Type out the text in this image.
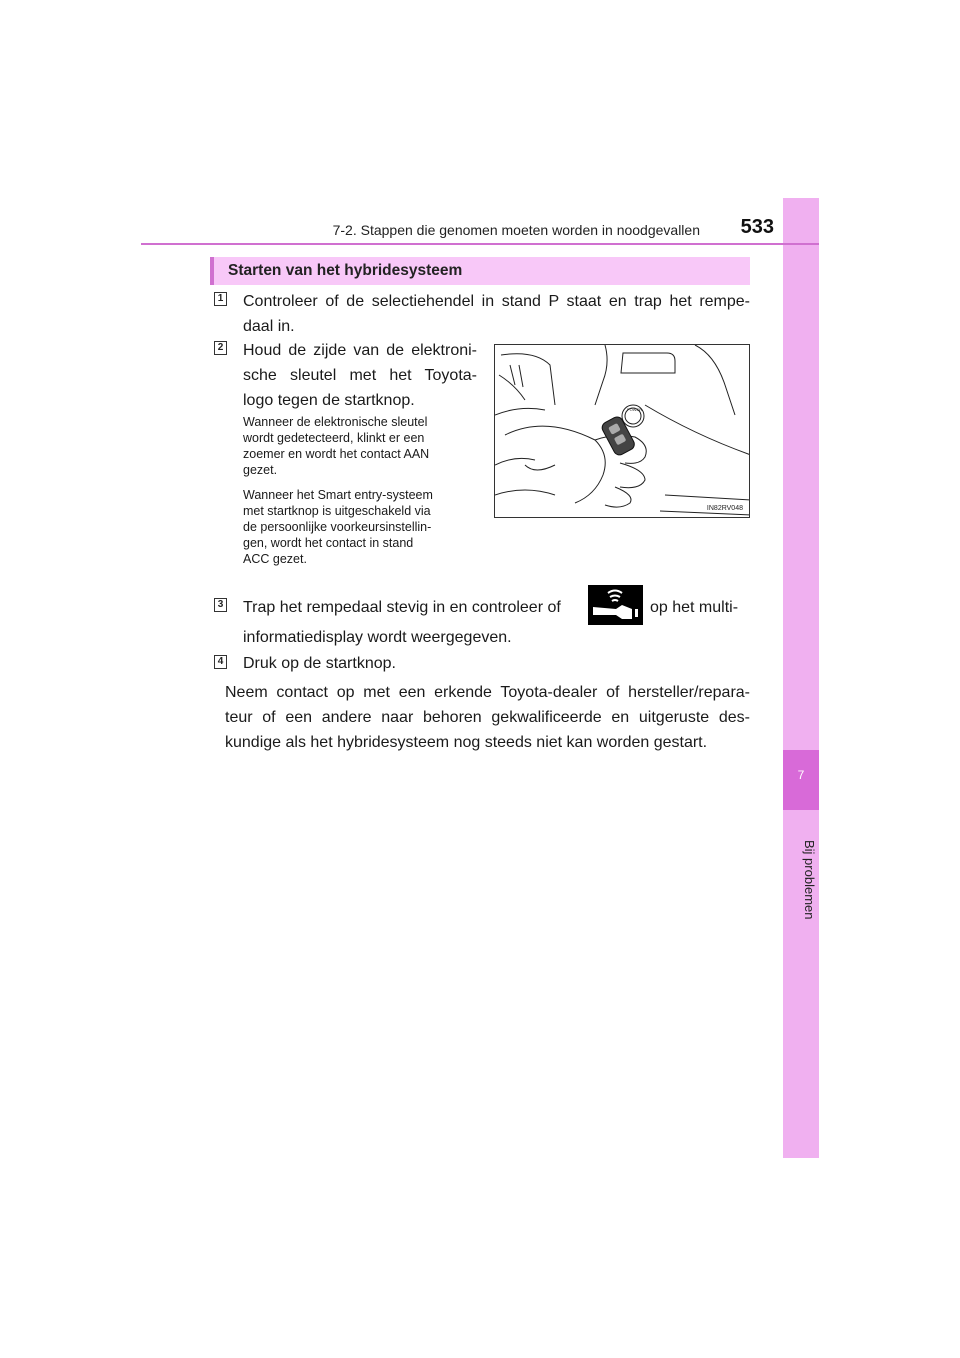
7
Bij problemen
7-2. Stappen die genomen moeten worden in noodgevallen	533
Starten van het hybridesysteem
1 Controleer of de selectiehendel in stand P staat en trap het rempe-
daal in.
2 Houd de zijde van de elektroni-
sche sleutel met het Toyota-
logo tegen de startknop.
Wanneer de elektronische sleutel
wordt gedetecteerd, klinkt er een
zoemer en wordt het contact AAN
gezet.
Wanneer het Smart entry-systeem
met startknop is uitgeschakeld via
de persoonlijke voorkeursinstellin-
gen, wordt het contact in stand
ACC gezet.
POWER
IN82RV048
3 Trap het rempedaal stevig in en controleer of	op het multi-
informatiedisplay wordt weergegeven.
4 Druk op de startknop.
Neem contact op met een erkende Toyota-dealer of hersteller/repara-
teur of een andere naar behoren gekwalificeerde en uitgeruste des-
kundige als het hybridesysteem nog steeds niet kan worden gestart.
